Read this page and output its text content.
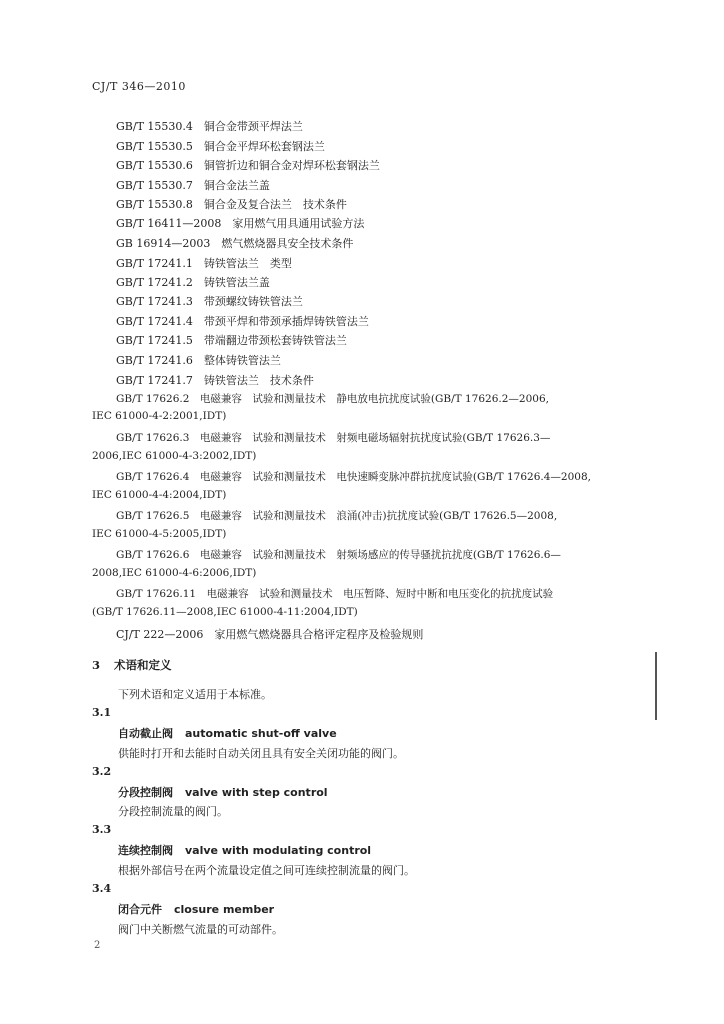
CJ/T 346—2010
GB/T 15530.4　 铜合金带颈平焊法兰
GB/T 15530.5　 铜合金平焊环松套钢法兰
GB/T 15530.6　 铜管折边和铜合金对焊环松套钢法兰
GB/T 15530.7　 铜合金法兰盖
GB/T 15530.8　 铜合金及复合法兰　技术条件
GB/T 16411—2008　 家用燃气用具通用试验方法
GB 16914—2003　 燃气燃烧器具安全技术条件
GB/T 17241.1　 铸铁管法兰　类型
GB/T 17241.2　 铸铁管法兰盖
GB/T 17241.3　 带颈螺纹铸铁管法兰
GB/T 17241.4　 带颈平焊和带颈承插焊铸铁管法兰
GB/T 17241.5　 带端翻边带颈松套铸铁管法兰
GB/T 17241.6　 整体铸铁管法兰
GB/T 17241.7　 铸铁管法兰　技术条件
GB/T 17626.2　电磁兼容　试验和测量技术　静电放电抗扰度试验(GB/T 17626.2—2006,
IEC 61000-4-2:2001,IDT)
GB/T 17626.3　电磁兼容　试验和测量技术　射频电磁场辐射抗扰度试验(GB/T 17626.3—
2006,IEC 61000-4-3:2002,IDT)
GB/T 17626.4　电磁兼容　试验和测量技术　电快速瞬变脉冲群抗扰度试验(GB/T 17626.4—2008,
IEC 61000-4-4:2004,IDT)
GB/T 17626.5　电磁兼容　试验和测量技术　浪涌(冲击)抗扰度试验(GB/T 17626.5—2008,
IEC 61000-4-5:2005,IDT)
GB/T 17626.6　电磁兼容　试验和测量技术　射频场感应的传导骚扰抗扰度(GB/T 17626.6—
2008,IEC 61000-4-6:2006,IDT)
GB/T 17626.11　电磁兼容　试验和测量技术　电压暂降、短时中断和电压变化的抗扰度试验
(GB/T 17626.11—2008,IEC 61000-4-11:2004,IDT)
CJ/T 222—2006　家用燃气燃烧器具合格评定程序及检验规则
3 术语和定义
下列术语和定义适用于本标准。
3.1
自动截止阀 automatic shut-off valve
供能时打开和去能时自动关闭且具有安全关闭功能的阀门。
3.2
分段控制阀 valve with step control
分段控制流量的阀门。
3.3
连续控制阀 valve with modulating control
根据外部信号在两个流量设定值之间可连续控制流量的阀门。
3.4
闭合元件 closure member
阀门中关断燃气流量的可动部件。
2
